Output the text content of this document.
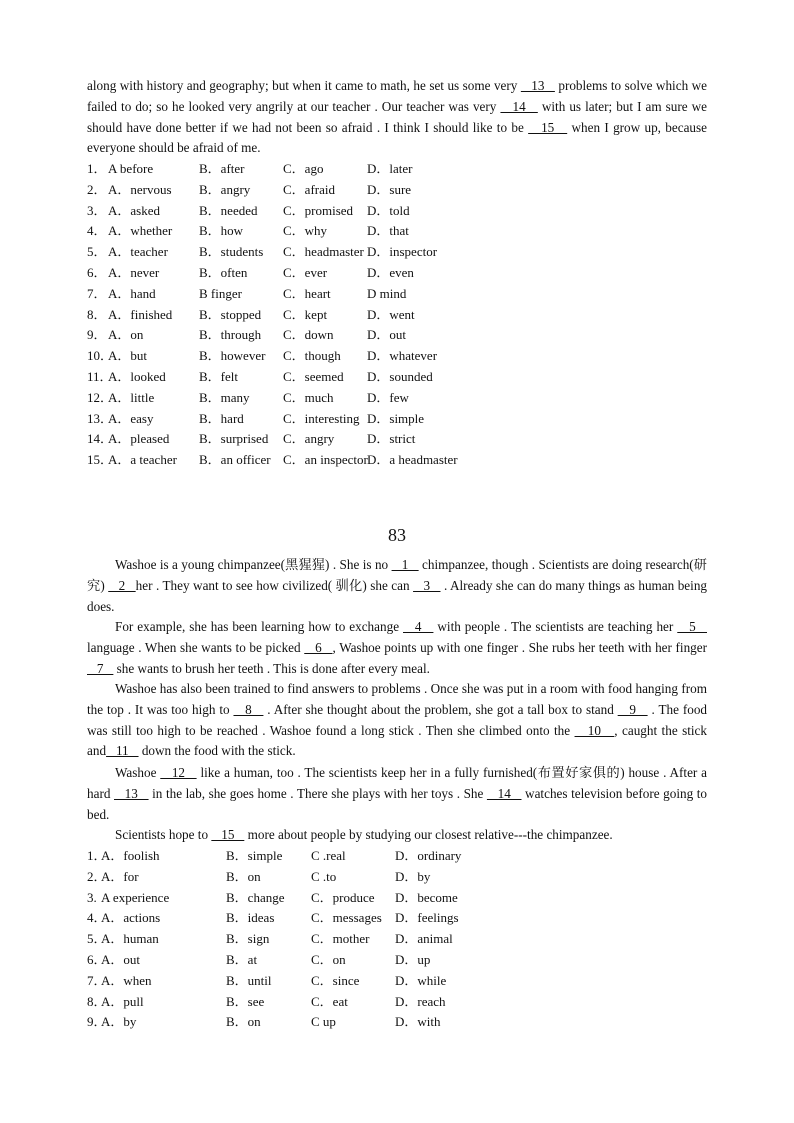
along with history and geography; but when it came to math, he set us some very    13    problems to solve which we failed to do; so he looked very angrily at our teacher . Our teacher was very    14    with us later; but I am sure we should have done better if we had not been so afraid . I think I should like to be    15    when I grow up, because everyone should be afraid of me.

1． A before	B．after	C．ago	D．later
2． A．nervous B．angry	C．afraid D．sure
3． A．asked	B．needed C．promised D．told
4． A．whether B．how	C．why	D．that
5． A．teacher B．students C．headmaster D．inspector
6． A．never	B．often	C．ever	D．even
7． A．hand	B finger	C．heart	D mind
8． A．finished B．stopped C．kept	D．went
9． A．on	B．through C．down	D．out
10．
A．but	B．however C．though D．whatever
11．
A．looked	B．felt	C．seemed D．sounded
12．
A．little	B．many	C．much	D．few
13．
A．easy	B．hard	C．interesting D．simple
14．
A．pleased B．surprised C．angry	D．strict
15．
A．a teacher B．an officer C．an inspector D．a headmaster
83

Washoe is a young chimpanzee(黑猩猩) . She is no    1    chimpanzee, though . Scientists are doing research(研究)    2   her . They want to see how civilized( 驯化) she can    3    . Already she can do many things as human being does.

For example, she has been learning how to exchange    4    with people . The scientists are teaching her    5    language . When she wants to be picked    6   , Washoe points up with one finger . She rubs her teeth with her finger    7    she wants to brush her teeth . This is done after every meal.

Washoe has also been trained to find answers to problems . Once she was put in a room with food hanging from the top . It was too high to    8    . After she thought about the problem, she got a tall box to stand    9    . The food was still too high to be reached . Washoe found a long stick . Then she climbed onto the    10   , caught the stick and   11    down the food with the stick.

Washoe    12    like a human, too . The scientists keep her in a fully furnished(布置好家俱的) house . After a hard    13    in the lab, she goes home . There she plays with her toys . She    14    watches television before going to bed.

Scientists hope to    15    more about people by studying our closest relative---the chimpanzee.

1．
A．foolish	B．simple C .real	D．ordinary
2．
A．for	B．on	C .to	D．by
3. A experience	B．change C．produce D．become
4．
A．actions	B．ideas	C．messages D．feelings
5．
A．human	B．sign	C．mother D．animal
6．
A．out	B．at	C．on	D．up
7．
A．when	B．until	C．since	D．while
8．
A．pull	B．see	C．eat	D．reach
9．
A．by	B．on	C up	D．with
